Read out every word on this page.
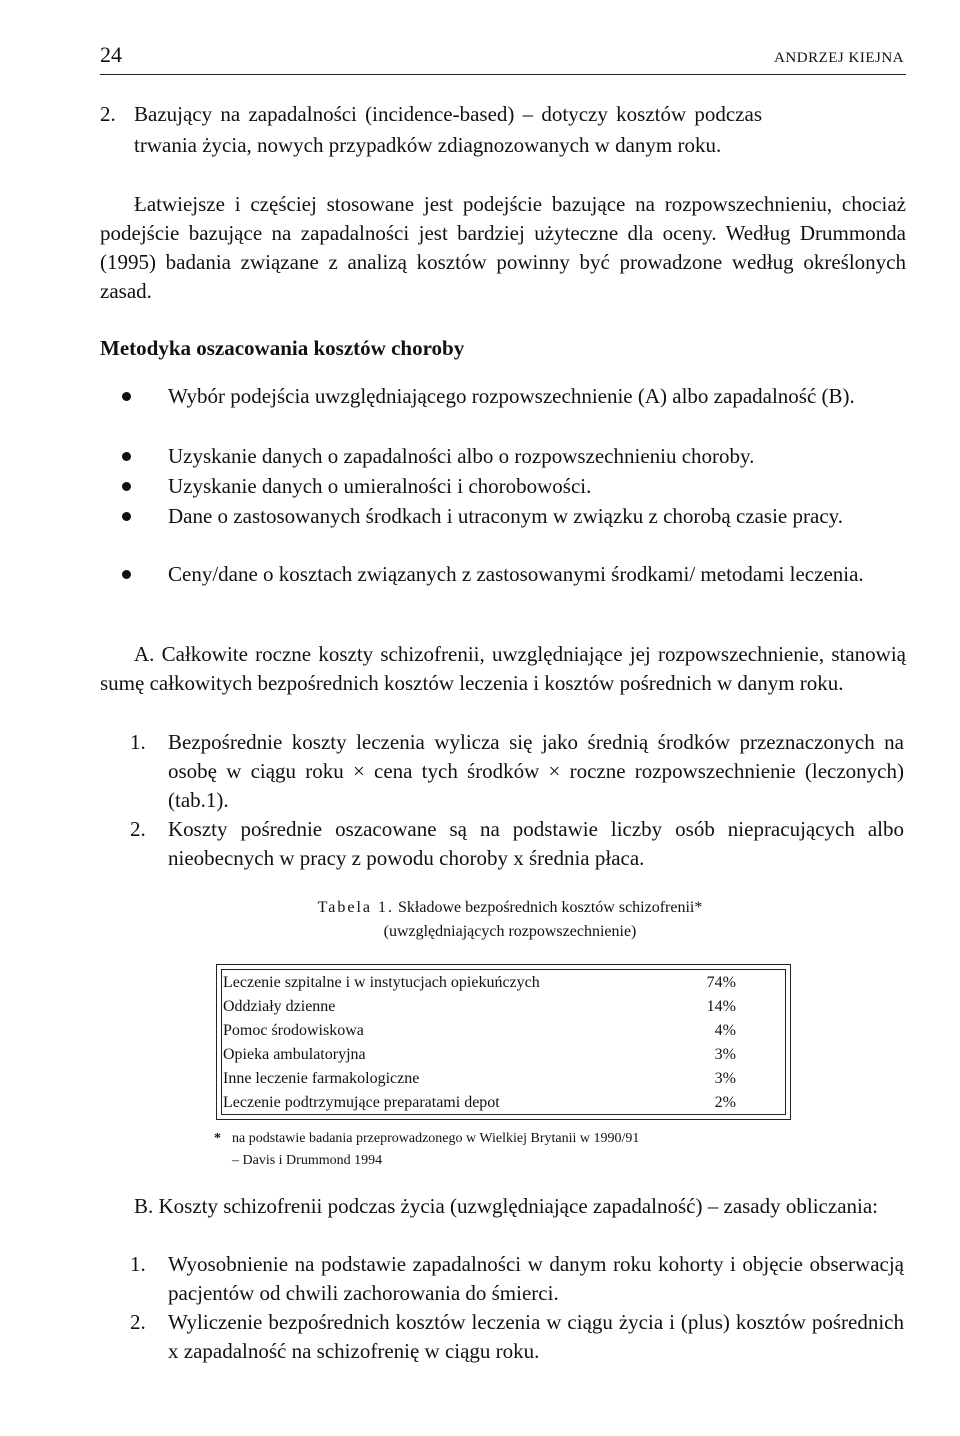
24	ANDRZEJ KIEJNA
2. Bazujący na zapadalności (incidence-based) – dotyczy kosztów podczas
trwania życia, nowych przypadków zdiagnozowanych w danym roku.

Łatwiejsze i częściej stosowane jest podejście bazujące na rozpowszechnieniu, chociaż podejście bazujące na zapadalności jest bardziej użyteczne dla oceny. Według Drummonda (1995) badania związane z analizą kosztów powinny być prowadzone według określonych zasad.

Metodyka oszacowania kosztów choroby
Wybór podejścia uwzględniającego rozpowszechnienie (A) albo zapadalność (B).
Uzyskanie danych o zapadalności albo o rozpowszechnieniu choroby.
Uzyskanie danych o umieralności i chorobowości.
Dane o zastosowanych środkach i utraconym w związku z chorobą czasie pracy.
Ceny/dane o kosztach związanych z zastosowanymi środkami/ metodami leczenia.

A. Całkowite roczne koszty schizofrenii, uwzględniające jej rozpowszechnienie, stanowią sumę całkowitych bezpośrednich kosztów leczenia i kosztów pośrednich w danym roku.

1. Bezpośrednie koszty leczenia wylicza się jako średnią środków przeznaczonych na osobę w ciągu roku × cena tych środków × roczne rozpowszechnienie (leczonych) (tab.1).
2. Koszty pośrednie oszacowane są na podstawie liczby osób niepracujących albo nieobecnych w pracy z powodu choroby x średnia płaca.
Tabela 1. Składowe bezpośrednich kosztów schizofrenii*
(uwzględniających rozpowszechnienie)
Leczenie szpitalne i w instytucjach opiekuńczych	74%
Oddziały dzienne	14%
Pomoc środowiskowa	4%
Opieka ambulatoryjna	3%
Inne leczenie farmakologiczne	3%
Leczenie podtrzymujące preparatami depot	2%
* na podstawie badania przeprowadzonego w Wielkiej Brytanii w 1990/91
– Davis i Drummond 1994

B. Koszty schizofrenii podczas życia (uzwględniające zapadalność) – zasady obliczania:

1. Wyosobnienie na podstawie zapadalności w danym roku kohorty i objęcie obserwacją pacjentów od chwili zachorowania do śmierci.
2. Wyliczenie bezpośrednich kosztów leczenia w ciągu życia i (plus) kosztów pośrednich x zapadalność na schizofrenię w ciągu roku.
